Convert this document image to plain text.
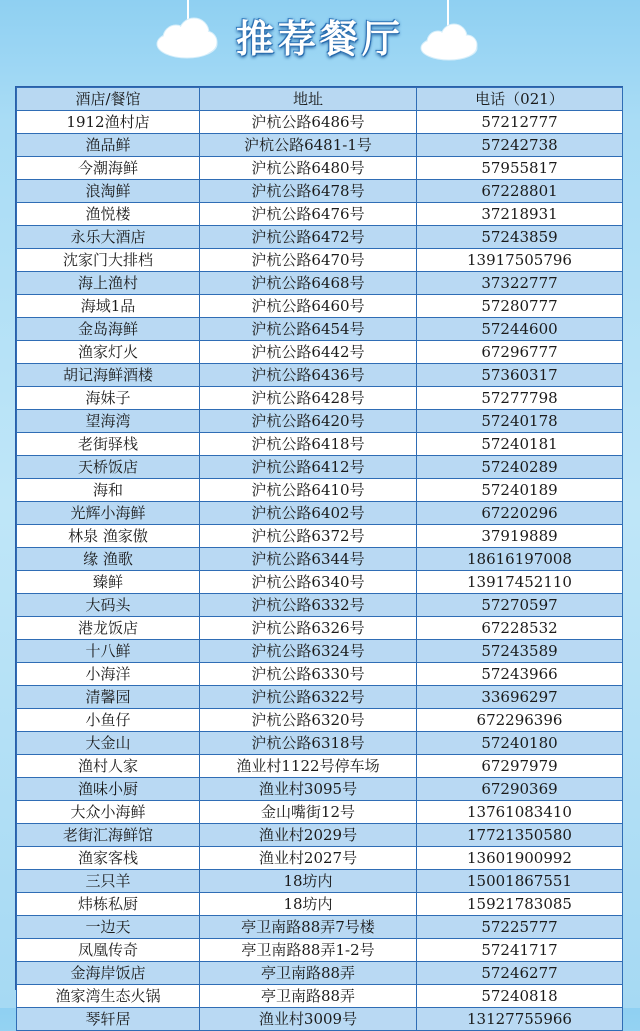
推荐餐厅
酒店/餐馆	地址	电话（021）
1912渔村店	沪杭公路6486号	57212777
渔品鲜	沪杭公路6481-1号	57242738
今潮海鲜	沪杭公路6480号	57955817
浪淘鲜	沪杭公路6478号	67228801
渔悦楼	沪杭公路6476号	37218931
永乐大酒店	沪杭公路6472号	57243859
沈家门大排档	沪杭公路6470号	13917505796
海上渔村	沪杭公路6468号	37322777
海域1品	沪杭公路6460号	57280777
金岛海鲜	沪杭公路6454号	57244600
渔家灯火	沪杭公路6442号	67296777
胡记海鲜酒楼	沪杭公路6436号	57360317
海妹子	沪杭公路6428号	57277798
望海湾	沪杭公路6420号	57240178
老街驿栈	沪杭公路6418号	57240181
天桥饭店	沪杭公路6412号	57240289
海和	沪杭公路6410号	57240189
光辉小海鲜	沪杭公路6402号	67220296
林泉 渔家傲	沪杭公路6372号	37919889
缘 渔歌	沪杭公路6344号	18616197008
臻鲜	沪杭公路6340号	13917452110
大码头	沪杭公路6332号	57270597
港龙饭店	沪杭公路6326号	67228532
十八鲜	沪杭公路6324号	57243589
小海洋	沪杭公路6330号	57243966
清馨园	沪杭公路6322号	33696297
小鱼仔	沪杭公路6320号	672296396
大金山	沪杭公路6318号	57240180
渔村人家	渔业村1122号停车场	67297979
渔味小厨	渔业村3095号	67290369
大众小海鲜	金山嘴街12号	13761083410
老街汇海鲜馆	渔业村2029号	17721350580
渔家客栈	渔业村2027号	13601900992
三只羊	18坊内	15001867551
炜栋私厨	18坊内	15921783085
一边天	亭卫南路88弄7号楼	57225777
凤凰传奇	亭卫南路88弄1-2号	57241717
金海岸饭店	亭卫南路88弄	57246277
渔家湾生态火锅	亭卫南路88弄	57240818
琴轩居	渔业村3009号	13127755966
